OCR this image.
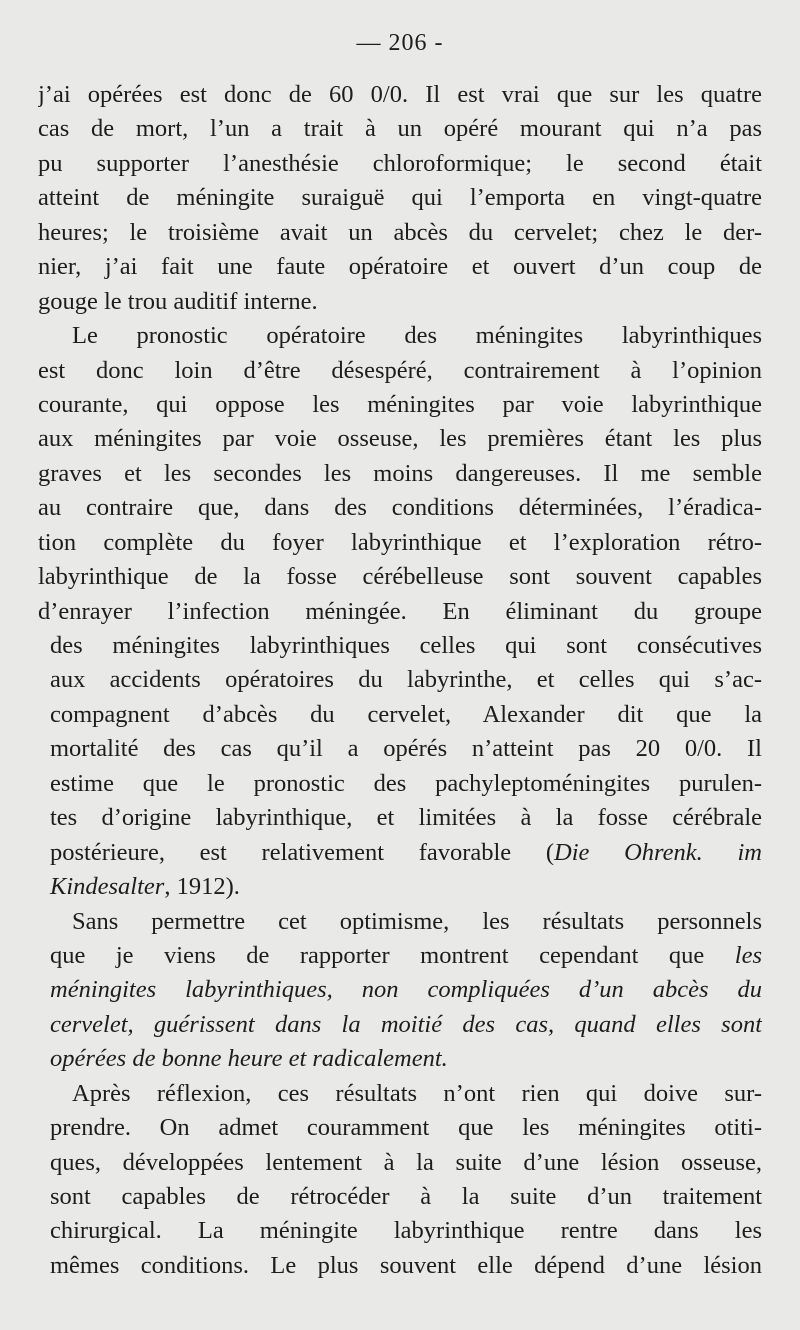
— 206 -
j’ai opérées est donc de 60 0/0. Il est vrai que sur les quatre
cas de mort, l’un a trait à un opéré mourant qui n’a pas
pu supporter l’anesthésie chloroformique; le second était
atteint de méningite suraiguë qui l’emporta en vingt-quatre
heures; le troisième avait un abcès du cervelet; chez le der-
nier, j’ai fait une faute opératoire et ouvert d’un coup de
gouge le trou auditif interne.
Le pronostic opératoire des méningites labyrinthiques
est donc loin d’être désespéré, contrairement à l’opinion
courante, qui oppose les méningites par voie labyrinthique
aux méningites par voie osseuse, les premières étant les plus
graves et les secondes les moins dangereuses. Il me semble
au contraire que, dans des conditions déterminées, l’éradica-
tion complète du foyer labyrinthique et l’exploration rétro-
labyrinthique de la fosse cérébelleuse sont souvent capables
d’enrayer l’infection méningée. En éliminant du groupe
des méningites labyrinthiques celles qui sont consécutives
aux accidents opératoires du labyrinthe, et celles qui s’ac-
compagnent d’abcès du cervelet, Alexander dit que la
mortalité des cas qu’il a opérés n’atteint pas 20 0/0. Il
estime que le pronostic des pachyleptoméningites purulen-
tes d’origine labyrinthique, et limitées à la fosse cérébrale
postérieure, est relativement favorable (Die Ohrenk. im
Kindesalter, 1912).
Sans permettre cet optimisme, les résultats personnels
que je viens de rapporter montrent cependant que les
méningites labyrinthiques, non compliquées d’un abcès du
cervelet, guérissent dans la moitié des cas, quand elles sont
opérées de bonne heure et radicalement.
Après réflexion, ces résultats n’ont rien qui doive sur-
prendre. On admet couramment que les méningites otiti-
ques, développées lentement à la suite d’une lésion osseuse,
sont capables de rétrocéder à la suite d’un traitement
chirurgical. La méningite labyrinthique rentre dans les
mêmes conditions. Le plus souvent elle dépend d’une lésion
